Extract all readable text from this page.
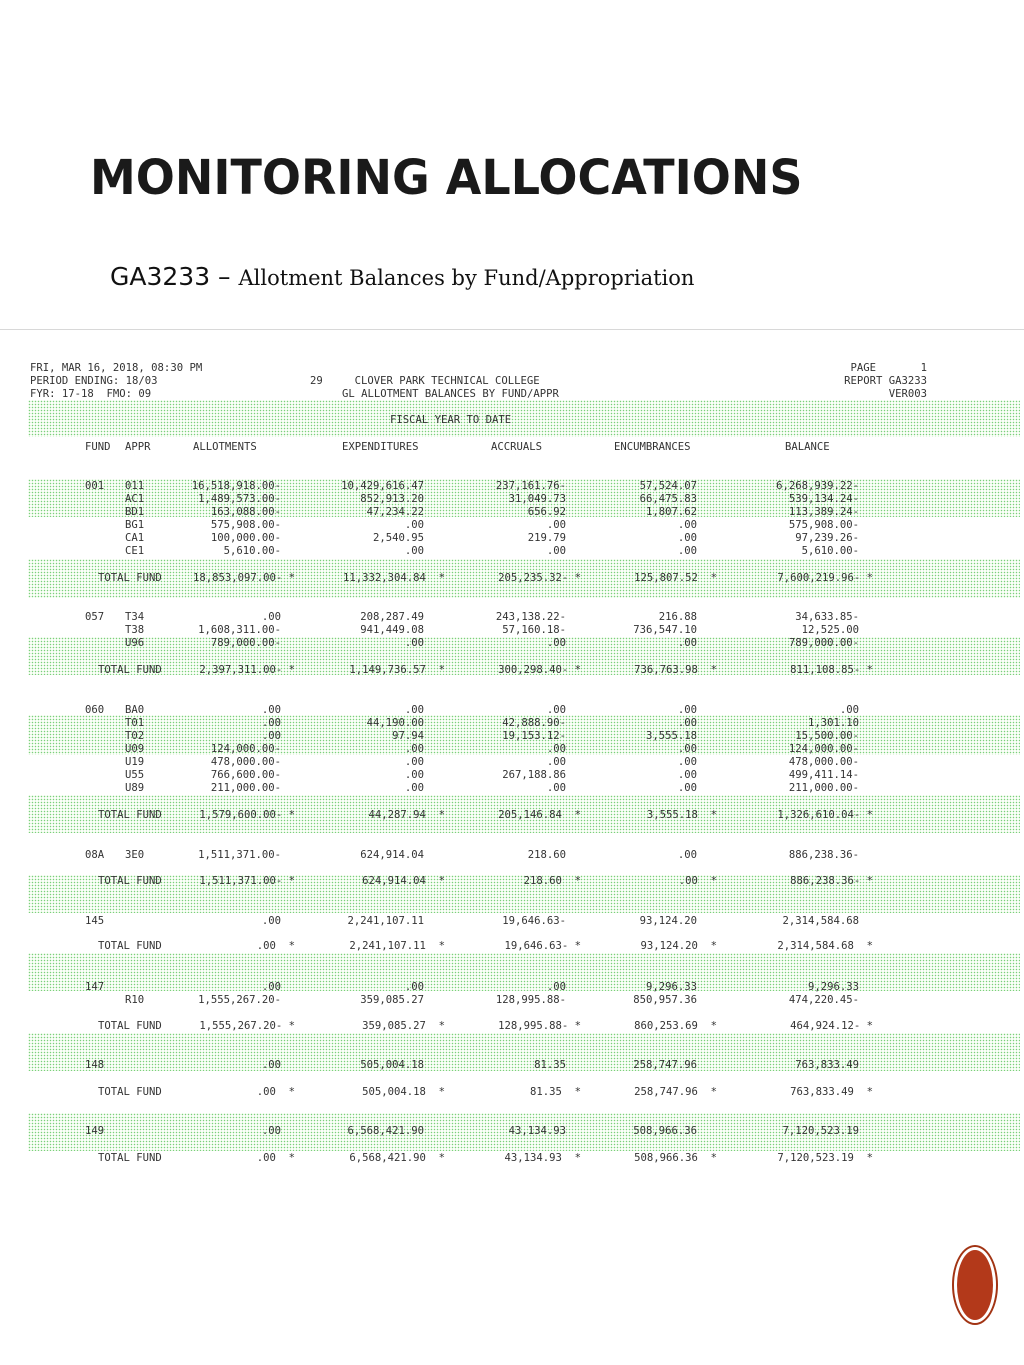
MONITORING ALLOCATIONS
GA3233 – Allotment Balances by Fund/Appropriation
FRI, MAR 16, 2018, 08:30 PM
PERIOD ENDING: 18/03
FYR: 17-18  FMO: 09
29     CLOVER PARK TECHNICAL COLLEGE
GL ALLOTMENT BALANCES BY FUND/APPR
PAGE       1
REPORT GA3233
VER003
FISCAL YEAR TO DATE
FUND APPR	ALLOTMENTS	EXPENDITURES	ACCRUALS	ENCUMBRANCES	BALANCE
001 011	16,518,918.00-	10,429,616.47	237,161.76-	57,524.07	6,268,939.22-
AC1	1,489,573.00-	852,913.20	31,049.73	66,475.83	539,134.24-
BD1	163,088.00-	47,234.22	656.92	1,807.62	113,389.24-
BG1	575,908.00-	.00	.00	.00	575,908.00-
CA1	100,000.00-	2,540.95	219.79	.00	97,239.26-
CE1	5,610.00-	.00	.00	.00	5,610.00-
TOTAL FUND	18,853,097.00- *	11,332,304.84  *	205,235.32- *	125,807.52  *	7,600,219.96- *
057 T34	.00	208,287.49	243,138.22-	216.88	34,633.85-
T38	1,608,311.00-	941,449.08	57,160.18-	736,547.10	12,525.00
U96	789,000.00-	.00	.00	.00	789,000.00-
TOTAL FUND	2,397,311.00- *	1,149,736.57  *	300,298.40- *	736,763.98  *	811,108.85- *
060 BA0	.00	.00	.00	.00	.00
T01	.00	44,190.00	42,888.90-	.00	1,301.10
T02	.00	97.94	19,153.12-	3,555.18	15,500.00-
U09	124,000.00-	.00	.00	.00	124,000.00-
U19	478,000.00-	.00	.00	.00	478,000.00-
U55	766,600.00-	.00	267,188.86	.00	499,411.14-
U89	211,000.00-	.00	.00	.00	211,000.00-
TOTAL FUND	1,579,600.00- *	44,287.94  *	205,146.84  *	3,555.18  *	1,326,610.04- *
08A 3E0	1,511,371.00-	624,914.04	218.60	.00	886,238.36-
TOTAL FUND	1,511,371.00- *	624,914.04  *	218.60  *	.00  *	886,238.36- *
145	.00	2,241,107.11	19,646.63-	93,124.20	2,314,584.68
TOTAL FUND	.00  *	2,241,107.11  *	19,646.63- *	93,124.20  *	2,314,584.68  *
147	.00	.00	.00	9,296.33	9,296.33
R10	1,555,267.20-	359,085.27	128,995.88-	850,957.36	474,220.45-
TOTAL FUND	1,555,267.20- *	359,085.27  *	128,995.88- *	860,253.69  *	464,924.12- *
148	.00	505,004.18	81.35	258,747.96	763,833.49
TOTAL FUND	.00  *	505,004.18  *	81.35  *	258,747.96  *	763,833.49  *
149	.00	6,568,421.90	43,134.93	508,966.36	7,120,523.19
TOTAL FUND	.00  *	6,568,421.90  *	43,134.93  *	508,966.36  *	7,120,523.19  *
